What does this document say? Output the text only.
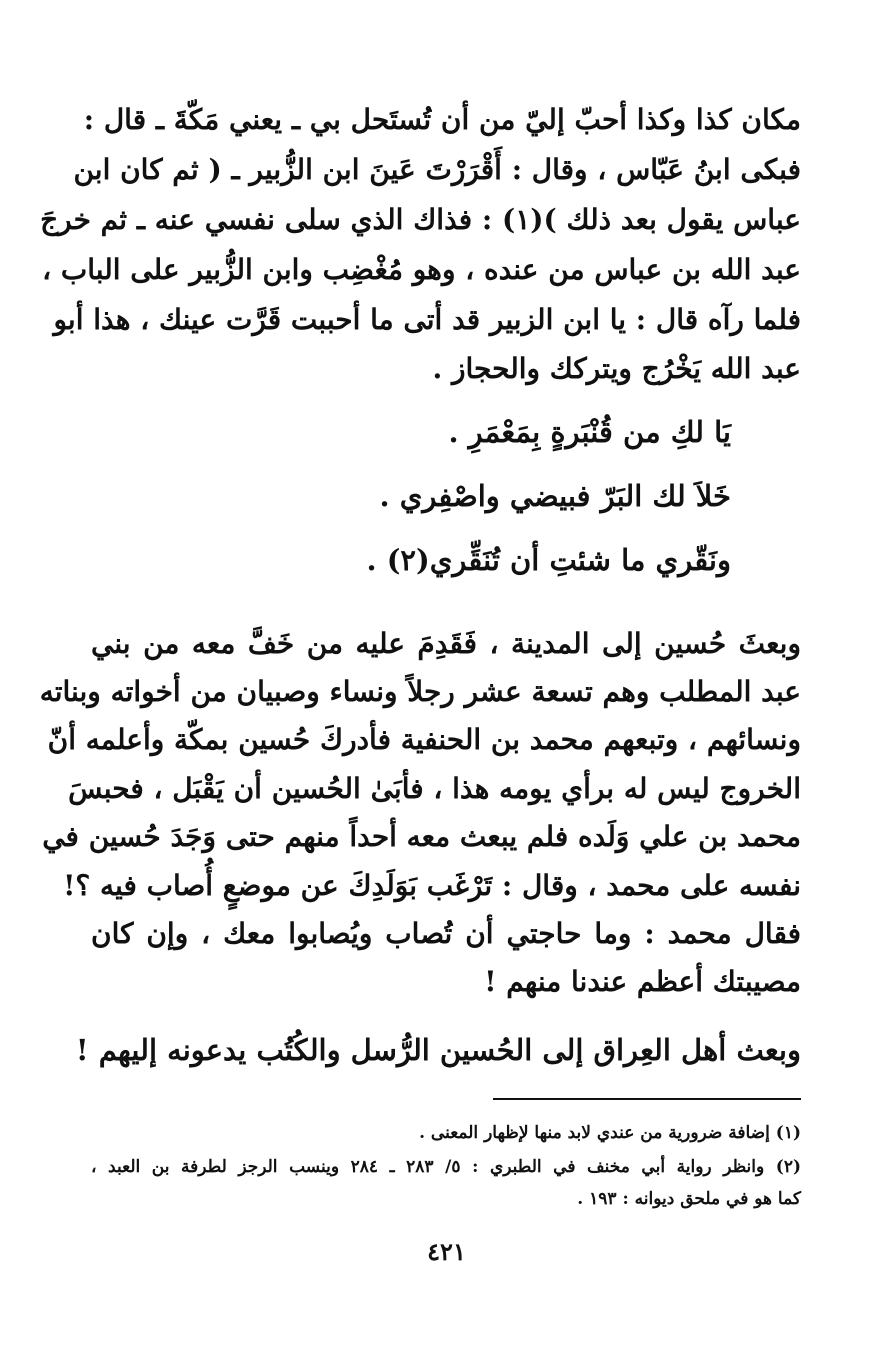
مكان كذا وكذا أحبّ إليّ من أن تُستَحل بي ـ يعني مَكّةَ ـ قال :
فبكى ابنُ عَبّاس ، وقال : أَقْرَرْتَ عَينَ ابن الزُّبير ـ ( ثم كان ابن
عباس يقول بعد ذلك )(١) : فذاك الذي سلى نفسي عنه ـ ثم خرجَ
عبد الله بن عباس من عنده ، وهو مُغْضِب وابن الزُّبير على الباب ،
فلما رآه قال : يا ابن الزبير قد أتى ما أحببت قَرَّت عينك ، هذا أبو
عبد الله يَخْرُج ويتركك والحجاز .
يَا لكِ من قُنْبَرةٍ بِمَعْمَرِ .
خَلاَ لك البَرّ فبيضي واصْفِري .
ونَقّري ما شئتِ أن تُنَقِّري(٢) .
وبعثَ حُسين إلى المدينة ، فَقَدِمَ عليه من خَفَّ معه من بني
عبد المطلب وهم تسعة عشر رجلاً ونساء وصبيان من أخواته وبناته
ونسائهم ، وتبعهم محمد بن الحنفية فأدركَ حُسين بمكّة وأعلمه أنّ
الخروج ليس له برأي يومه هذا ، فأبَىٰ الحُسين أن يَقْبَل ، فحبسَ
محمد بن علي وَلَده فلم يبعث معه أحداً منهم حتى وَجَدَ حُسين في
نفسه على محمد ، وقال : تَرْغَب بَوَلَدِكَ عن موضعٍ أُصاب فيه ؟!
فقال محمد : وما حاجتي أن تُصاب ويُصابوا معك ، وإن كان
مصيبتك أعظم عندنا منهم !
وبعث أهل العِراق إلى الحُسين الرُّسل والكُتُب يدعونه إليهم !
(١) إضافة ضرورية من عندي لابد منها لإظهار المعنى .
(٢) وانظر رواية أبي مخنف في الطبري : ٥/ ٢٨٣ ـ ٢٨٤ وينسب الرجز لطرفة بن العبد ،
كما هو في ملحق ديوانه : ١٩٣ .
٤٢١
